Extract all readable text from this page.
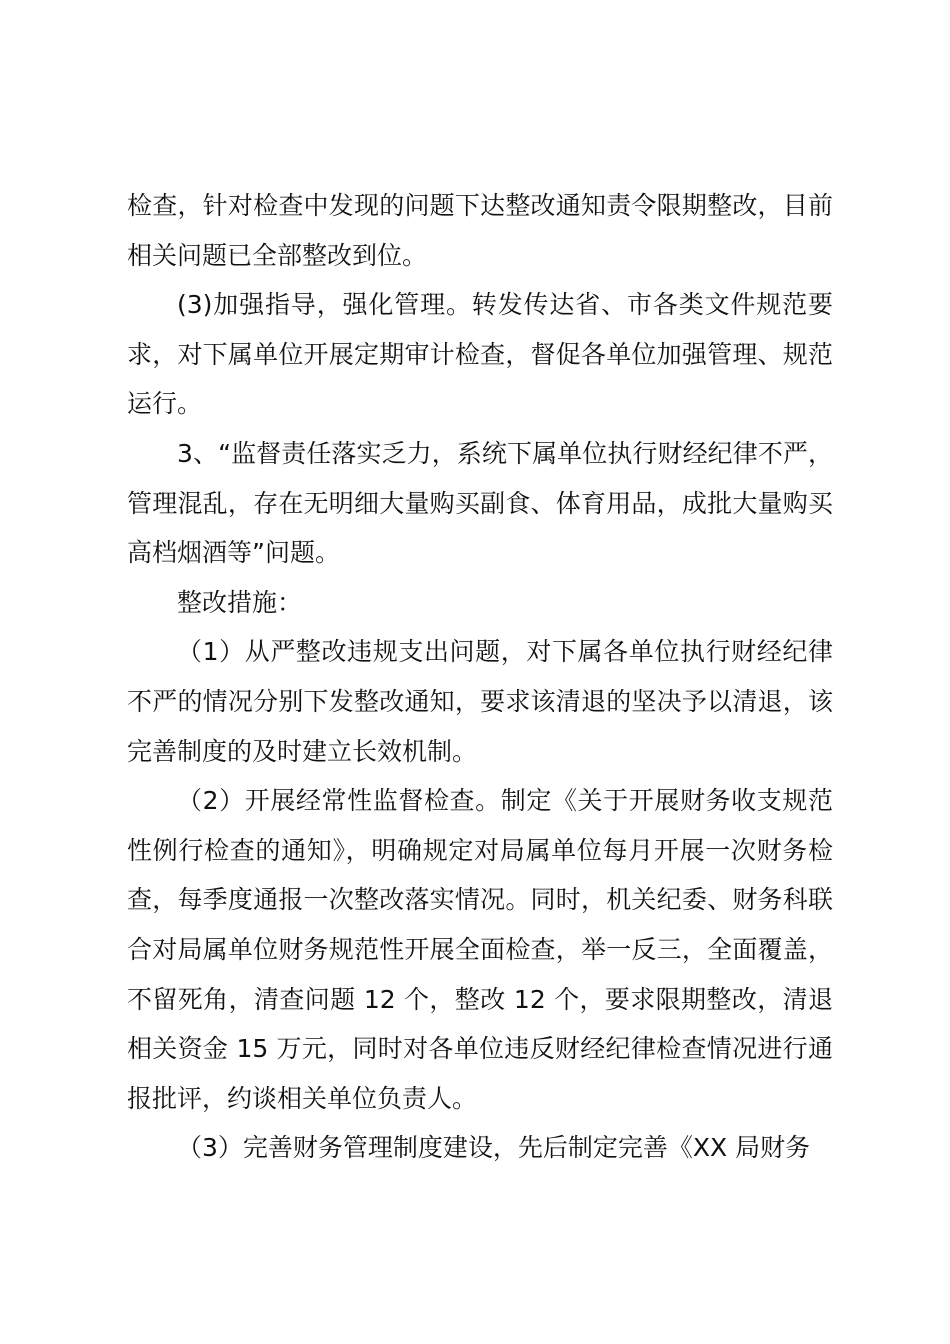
检查，针对检查中发现的问题下达整改通知责令限期整改，目前相关问题已全部整改到位。

(3)加强指导，强化管理。转发传达省、市各类文件规范要求，对下属单位开展定期审计检查，督促各单位加强管理、规范运行。

3、“监督责任落实乏力，系统下属单位执行财经纪律不严，管理混乱，存在无明细大量购买副食、体育用品，成批大量购买高档烟酒等”问题。

整改措施：

（1）从严整改违规支出问题，对下属各单位执行财经纪律不严的情况分别下发整改通知，要求该清退的坚决予以清退，该完善制度的及时建立长效机制。

（2）开展经常性监督检查。制定《关于开展财务收支规范性例行检查的通知》，明确规定对局属单位每月开展一次财务检查，每季度通报一次整改落实情况。同时，机关纪委、财务科联合对局属单位财务规范性开展全面检查，举一反三，全面覆盖，不留死角，清查问题 12 个，整改 12 个，要求限期整改，清退相关资金 15 万元，同时对各单位违反财经纪律检查情况进行通报批评，约谈相关单位负责人。

（3）完善财务管理制度建设，先后制定完善《XX 局财务
